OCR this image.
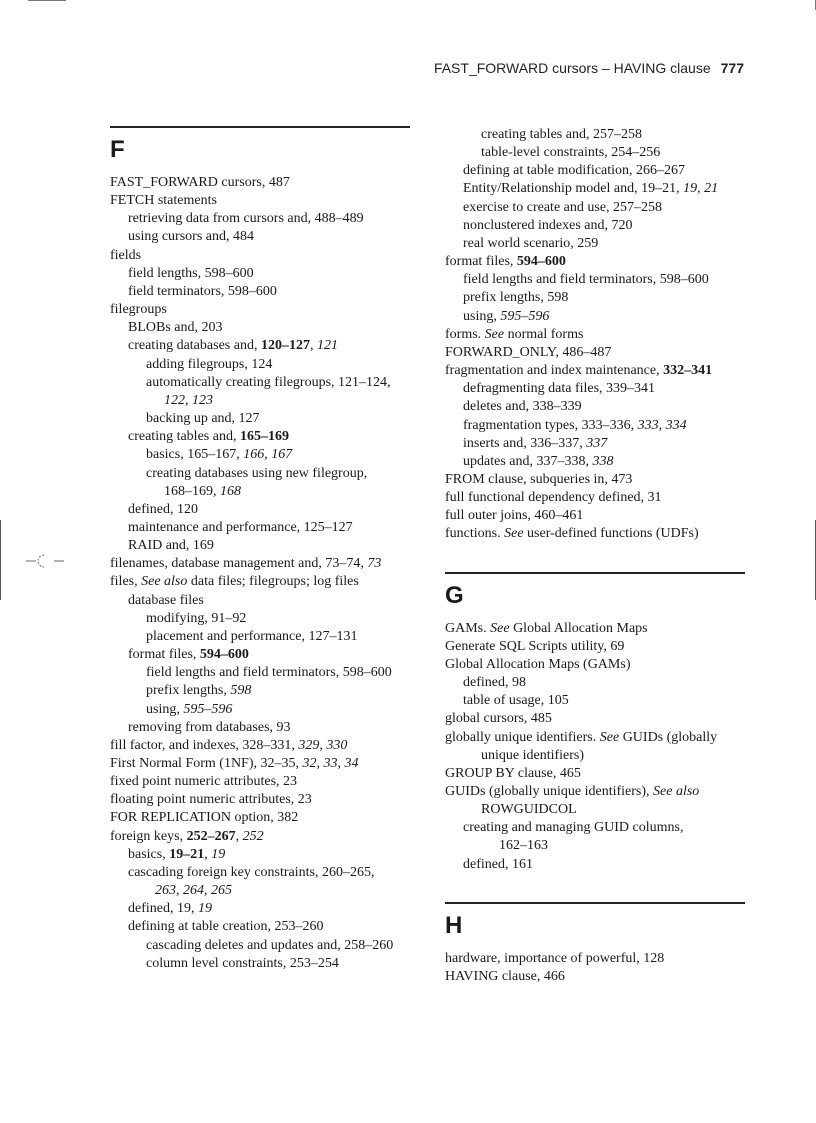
FAST_FORWARD cursors – HAVING clause 777
F
FAST_FORWARD cursors, 487
FETCH statements
retrieving data from cursors and, 488–489
using cursors and, 484
fields
field lengths, 598–600
field terminators, 598–600
filegroups
BLOBs and, 203
creating databases and, 120–127, 121
adding filegroups, 124
automatically creating filegroups, 121–124,
122, 123
backing up and, 127
creating tables and, 165–169
basics, 165–167, 166, 167
creating databases using new filegroup,
168–169, 168
defined, 120
maintenance and performance, 125–127
RAID and, 169
filenames, database management and, 73–74, 73
files, See also data files; filegroups; log files
database files
modifying, 91–92
placement and performance, 127–131
format files, 594–600
field lengths and field terminators, 598–600
prefix lengths, 598
using, 595–596
removing from databases, 93
fill factor, and indexes, 328–331, 329, 330
First Normal Form (1NF), 32–35, 32, 33, 34
fixed point numeric attributes, 23
floating point numeric attributes, 23
FOR REPLICATION option, 382
foreign keys, 252–267, 252
basics, 19–21, 19
cascading foreign key constraints, 260–265,
263, 264, 265
defined, 19, 19
defining at table creation, 253–260
cascading deletes and updates and, 258–260
column level constraints, 253–254
creating tables and, 257–258
table-level constraints, 254–256
defining at table modification, 266–267
Entity/Relationship model and, 19–21, 19, 21
exercise to create and use, 257–258
nonclustered indexes and, 720
real world scenario, 259
format files, 594–600
field lengths and field terminators, 598–600
prefix lengths, 598
using, 595–596
forms. See normal forms
FORWARD_ONLY, 486–487
fragmentation and index maintenance, 332–341
defragmenting data files, 339–341
deletes and, 338–339
fragmentation types, 333–336, 333, 334
inserts and, 336–337, 337
updates and, 337–338, 338
FROM clause, subqueries in, 473
full functional dependency defined, 31
full outer joins, 460–461
functions. See user-defined functions (UDFs)
G
GAMs. See Global Allocation Maps
Generate SQL Scripts utility, 69
Global Allocation Maps (GAMs)
defined, 98
table of usage, 105
global cursors, 485
globally unique identifiers. See GUIDs (globally
unique identifiers)
GROUP BY clause, 465
GUIDs (globally unique identifiers), See also
ROWGUIDCOL
creating and managing GUID columns,
162–163
defined, 161
H
hardware, importance of powerful, 128
HAVING clause, 466
